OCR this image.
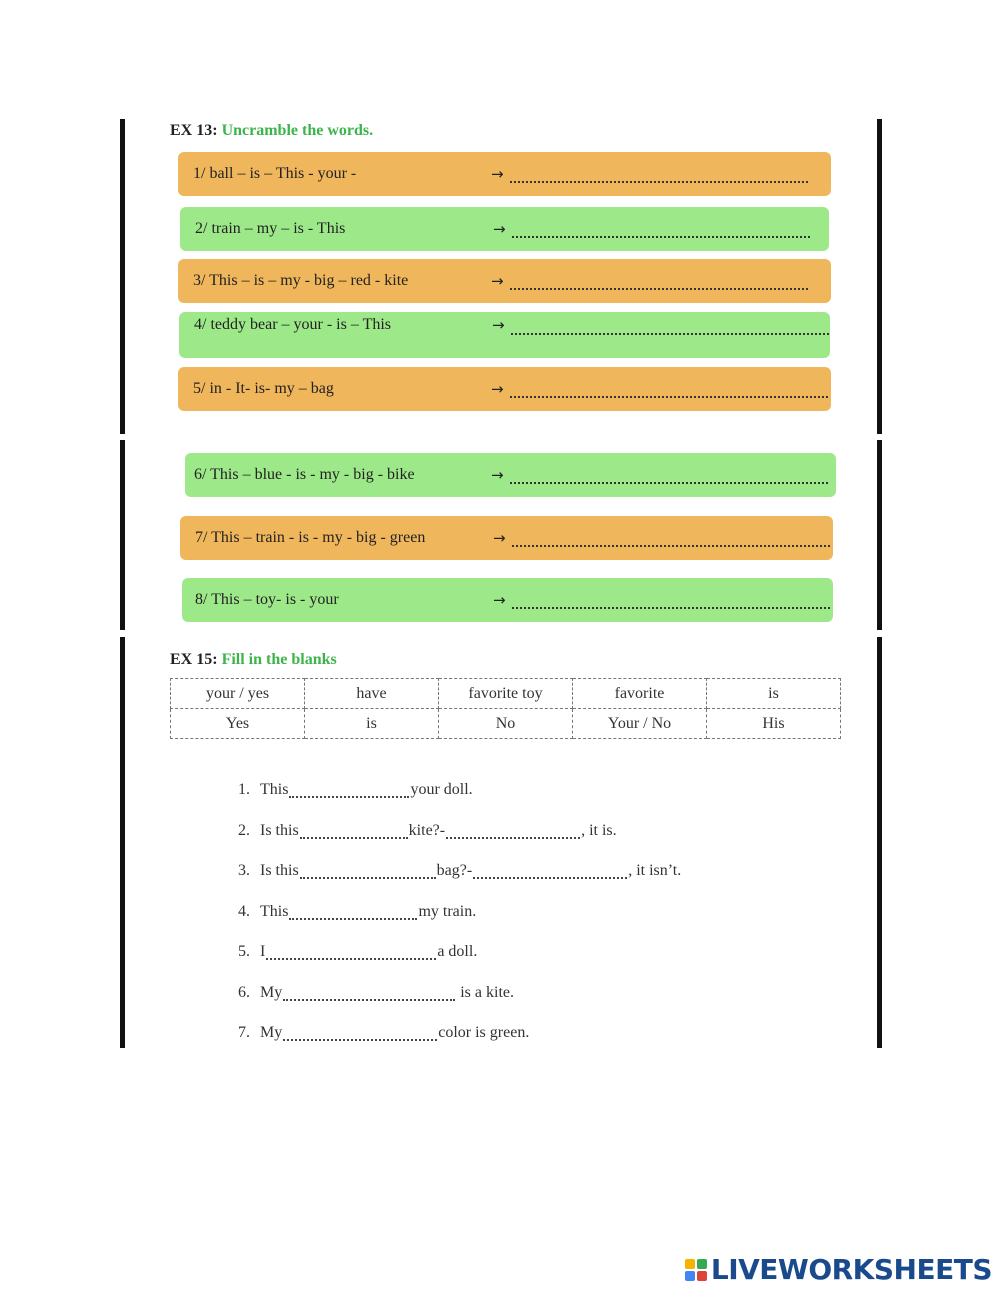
EX 13: Uncramble the words.
1/ ball – is – This - your -	→
2/ train – my – is - This	→
3/ This – is – my - big – red - kite	→
4/ teddy bear – your - is – This	→
5/ in - It- is- my – bag	→
6/ This – blue - is - my - big - bike	→
7/ This – train - is - my - big - green	→
8/ This – toy- is - your	→
EX 15: Fill in the blanks
your / yes	have	favorite toy	favorite	is
Yes	is	No	Your / No	His
1. This	your doll.
2. Is this	kite?-	, it is.
3. Is this	bag?-	, it isn’t.
4. This	my train.
5. I	a doll.
6. My	is a kite.
7. My	color is green.
LIVEWORKSHEETS
